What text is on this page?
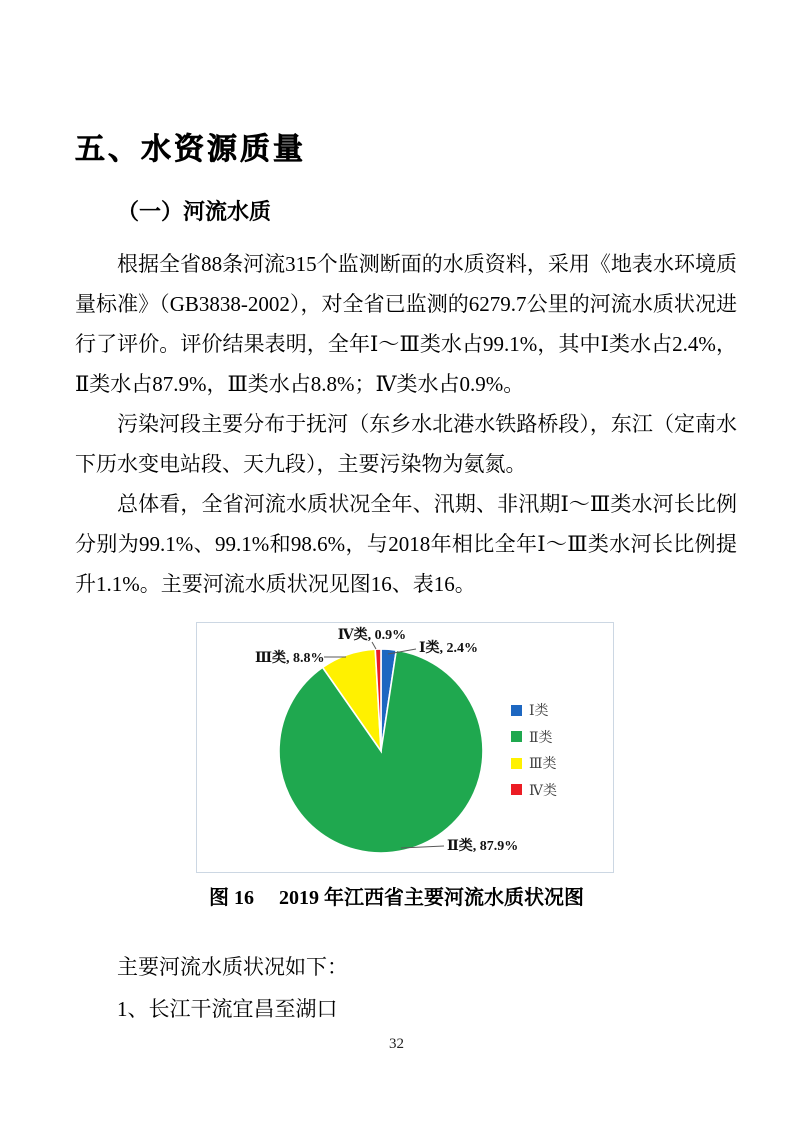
五、水资源质量
（一）河流水质

根据全省88条河流315个监测断面的水质资料，采用《地表水环境质量标准》（GB3838-2002），对全省已监测的6279.7公里的河流水质状况进行了评价。评价结果表明，全年Ⅰ～Ⅲ类水占99.1%，其中Ⅰ类水占2.4%，Ⅱ类水占87.9%，Ⅲ类水占8.8%；Ⅳ类水占0.9%。

污染河段主要分布于抚河（东乡水北港水铁路桥段），东江（定南水下历水变电站段、天九段），主要污染物为氨氮。

总体看，全省河流水质状况全年、汛期、非汛期Ⅰ～Ⅲ类水河长比例分别为99.1%、99.1%和98.6%，与2018年相比全年Ⅰ～Ⅲ类水河长比例提升1.1%。主要河流水质状况见图16、表16。

Ⅰ类, 2.4%
Ⅱ类, 87.9%
Ⅲ类, 8.8%
Ⅳ类, 0.9%
Ⅰ类
Ⅱ类
Ⅲ类
Ⅳ类
图 16　 2019 年江西省主要河流水质状况图

主要河流水质状况如下：

1、长江干流宜昌至湖口

32
